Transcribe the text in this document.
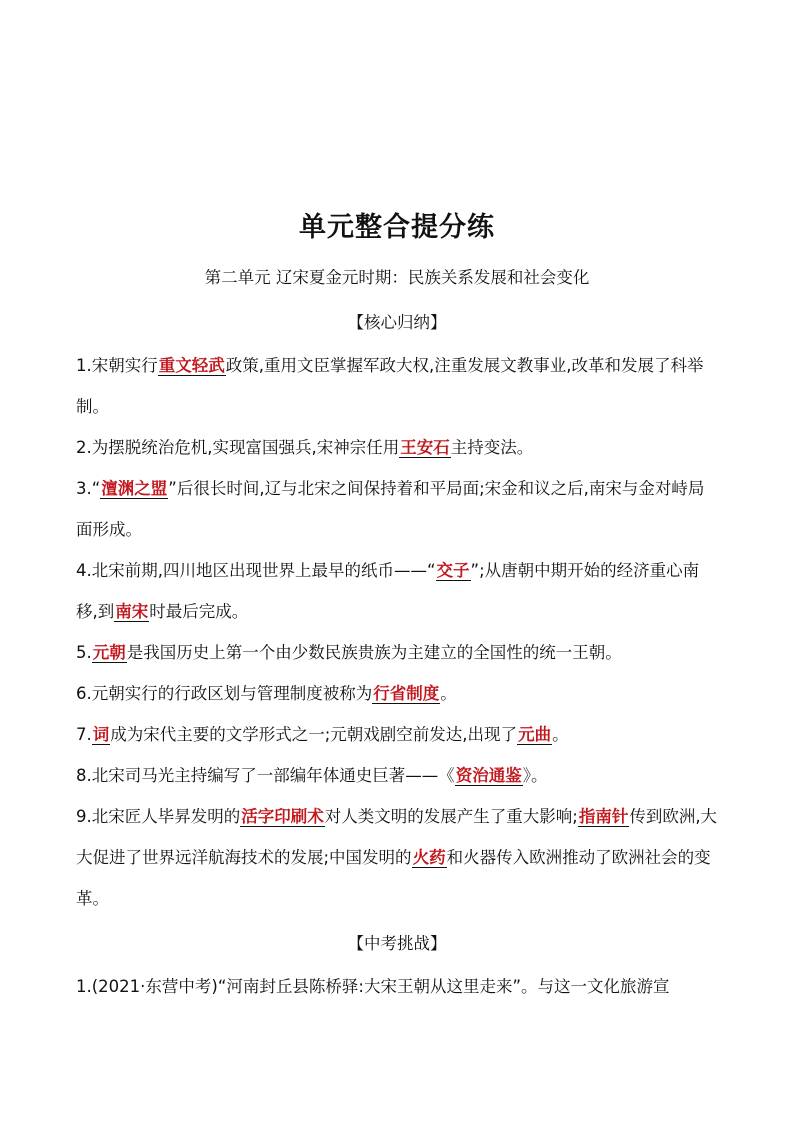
单元整合提分练
第二单元 辽宋夏金元时期：民族关系发展和社会变化
【核心归纳】

1.宋朝实行重文轻武政策,重用文臣掌握军政大权,注重发展文教事业,改革和发展了科举制。

2.为摆脱统治危机,实现富国强兵,宋神宗任用王安石主持变法。

3.“澶渊之盟”后很长时间,辽与北宋之间保持着和平局面;宋金和议之后,南宋与金对峙局面形成。

4.北宋前期,四川地区出现世界上最早的纸币——“交子”;从唐朝中期开始的经济重心南移,到南宋时最后完成。

5.元朝是我国历史上第一个由少数民族贵族为主建立的全国性的统一王朝。

6.元朝实行的行政区划与管理制度被称为行省制度。

7.词成为宋代主要的文学形式之一;元朝戏剧空前发达,出现了元曲。

8.北宋司马光主持编写了一部编年体通史巨著——《资治通鉴》。

9.北宋匠人毕昇发明的活字印刷术对人类文明的发展产生了重大影响;指南针传到欧洲,大大促进了世界远洋航海技术的发展;中国发明的火药和火器传入欧洲推动了欧洲社会的变革。

【中考挑战】
1.(2021·东营中考)“河南封丘县陈桥驿:大宋王朝从这里走来”。与这一文化旅游宣
